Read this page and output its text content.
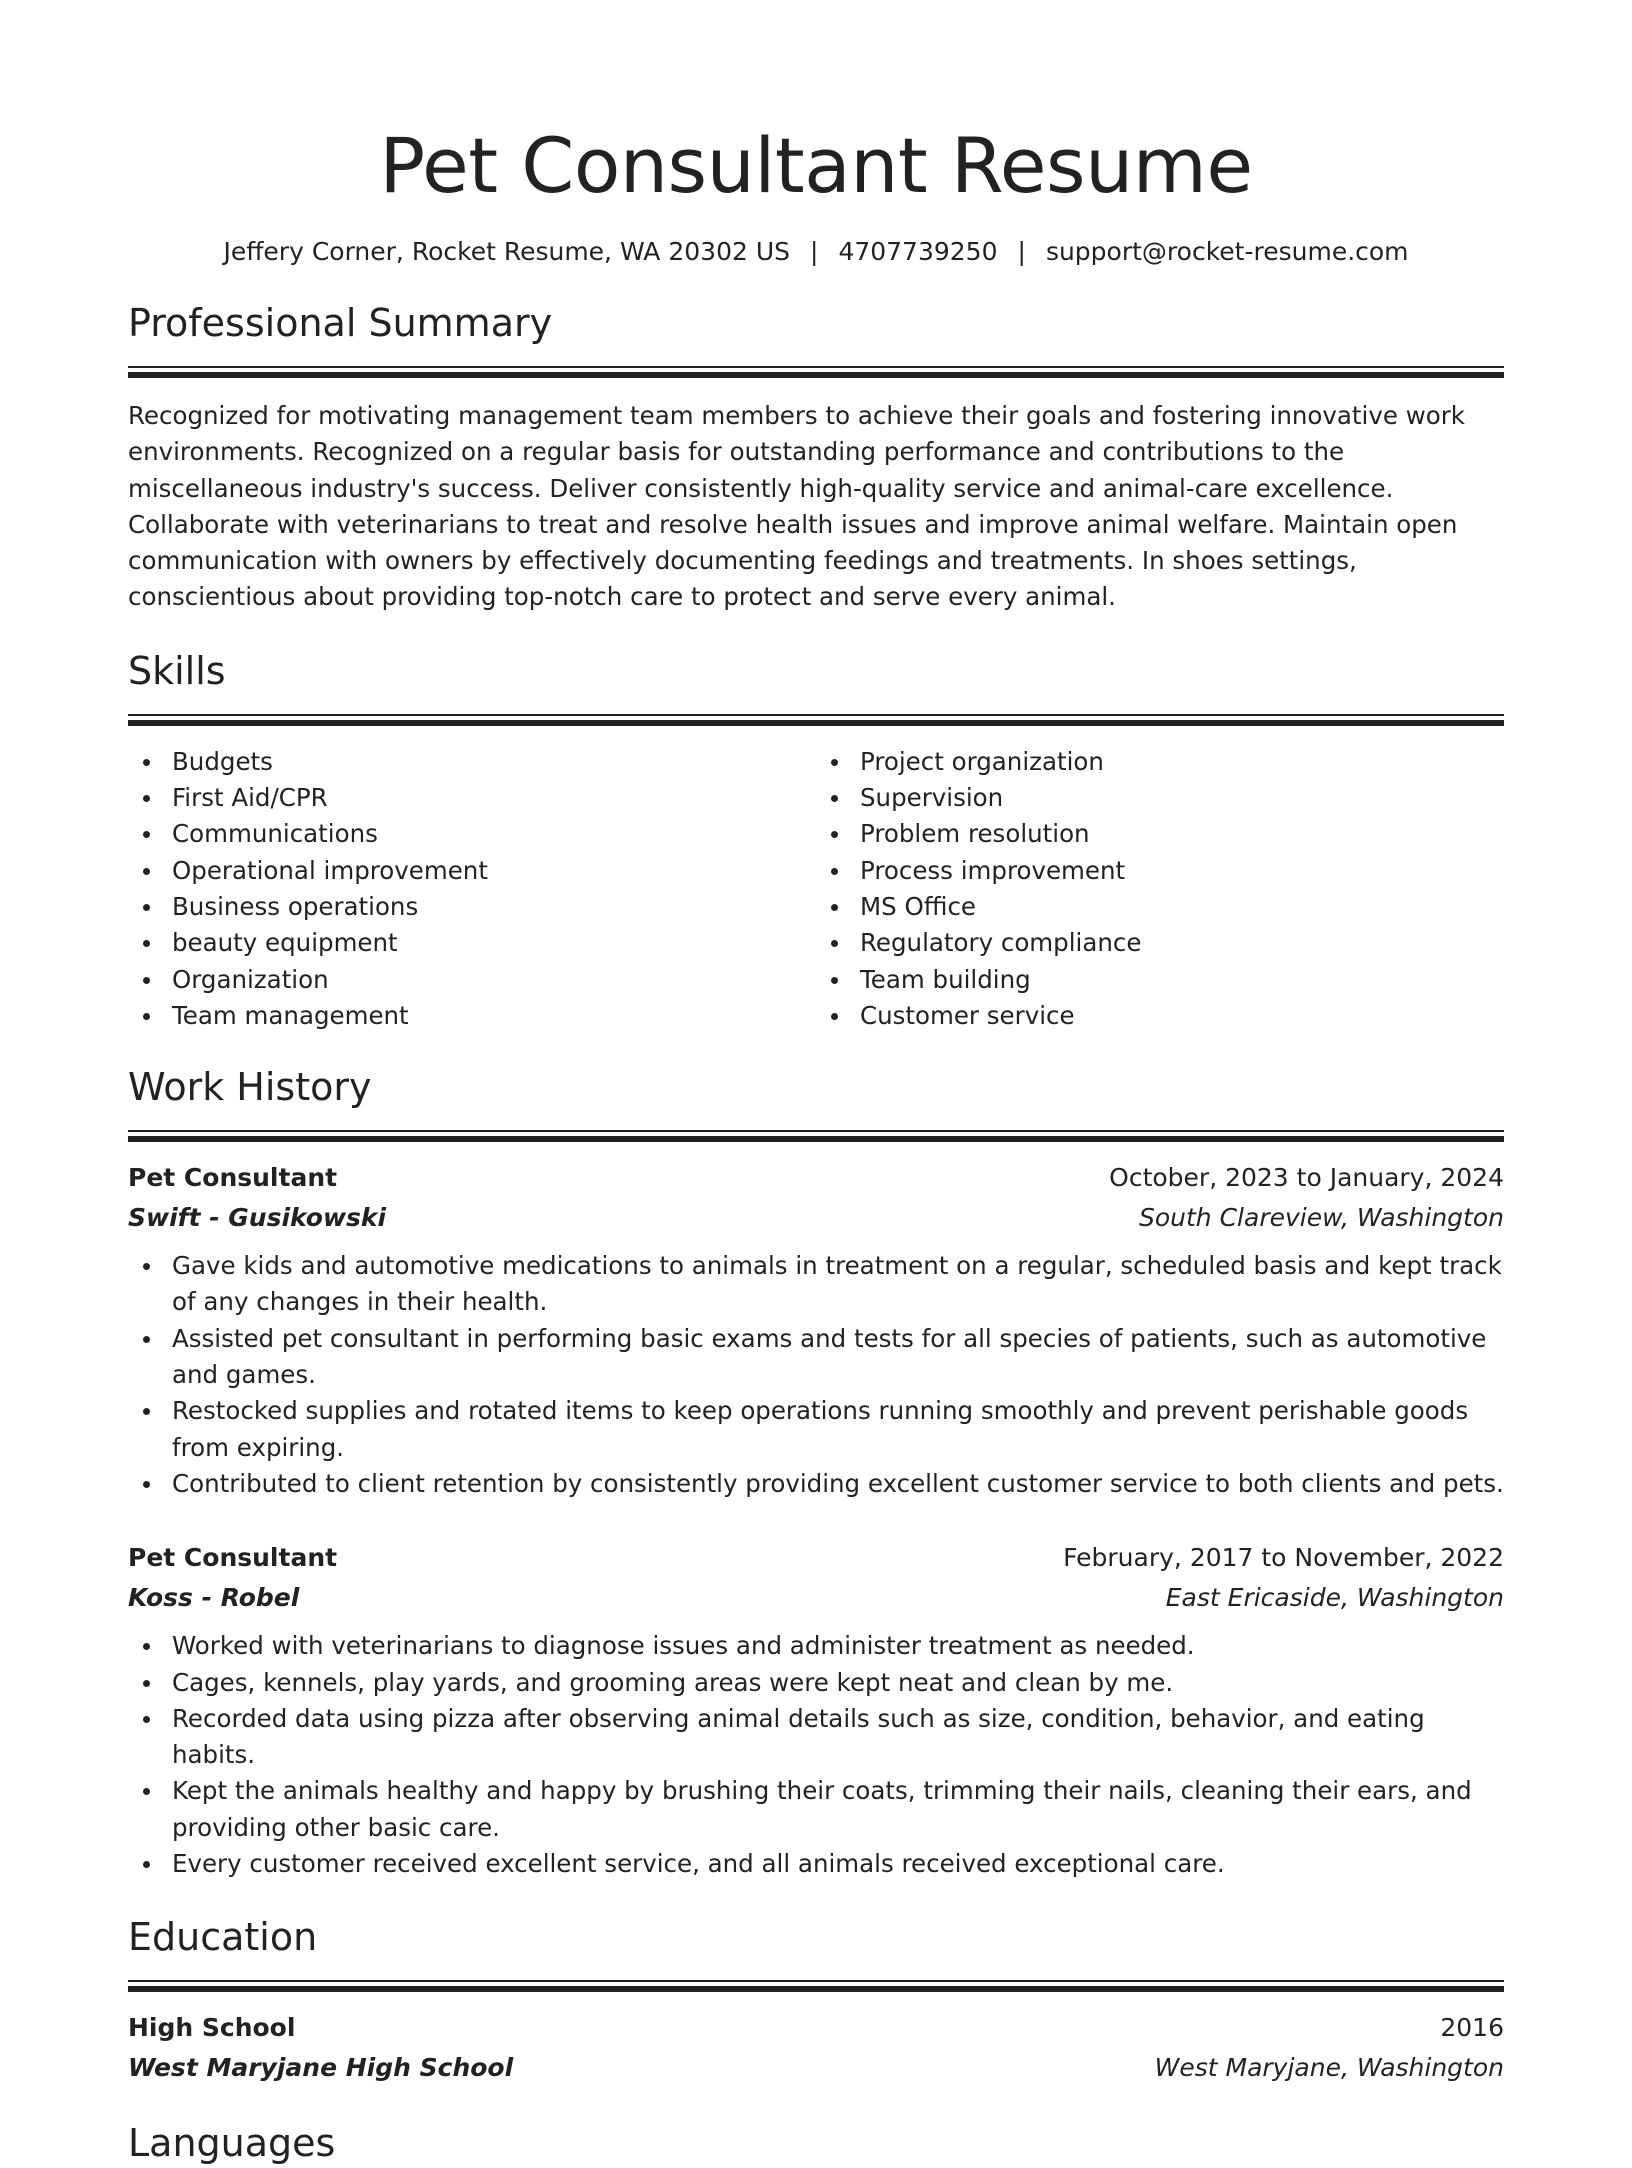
Pet Consultant Resume
Jeffery Corner, Rocket Resume, WA 20302 US | 4707739250 | support@rocket-resume.com
Professional Summary

Recognized for motivating management team members to achieve their goals and fostering innovative work environments. Recognized on a regular basis for outstanding performance and contributions to the miscellaneous industry's success. Deliver consistently high-quality service and animal-care excellence. Collaborate with veterinarians to treat and resolve health issues and improve animal welfare. Maintain open communication with owners by effectively documenting feedings and treatments. In shoes settings, conscientious about providing top-notch care to protect and serve every animal.

Skills
Budgets
First Aid/CPR
Communications
Operational improvement
Business operations
beauty equipment
Organization
Team management
Project organization
Supervision
Problem resolution
Process improvement
MS Office
Regulatory compliance
Team building
Customer service
Work History
Pet Consultant	October, 2023 to January, 2024
Swift - Gusikowski	South Clareview, Washington
Gave kids and automotive medications to animals in treatment on a regular, scheduled basis and kept track of any changes in their health.
Assisted pet consultant in performing basic exams and tests for all species of patients, such as automotive and games.
Restocked supplies and rotated items to keep operations running smoothly and prevent perishable goods from expiring.
Contributed to client retention by consistently providing excellent customer service to both clients and pets.
Pet Consultant	February, 2017 to November, 2022
Koss - Robel	East Ericaside, Washington
Worked with veterinarians to diagnose issues and administer treatment as needed.
Cages, kennels, play yards, and grooming areas were kept neat and clean by me.
Recorded data using pizza after observing animal details such as size, condition, behavior, and eating habits.
Kept the animals healthy and happy by brushing their coats, trimming their nails, cleaning their ears, and providing other basic care.
Every customer received excellent service, and all animals received exceptional care.
Education
High School	2016
West Maryjane High School	West Maryjane, Washington
Languages
